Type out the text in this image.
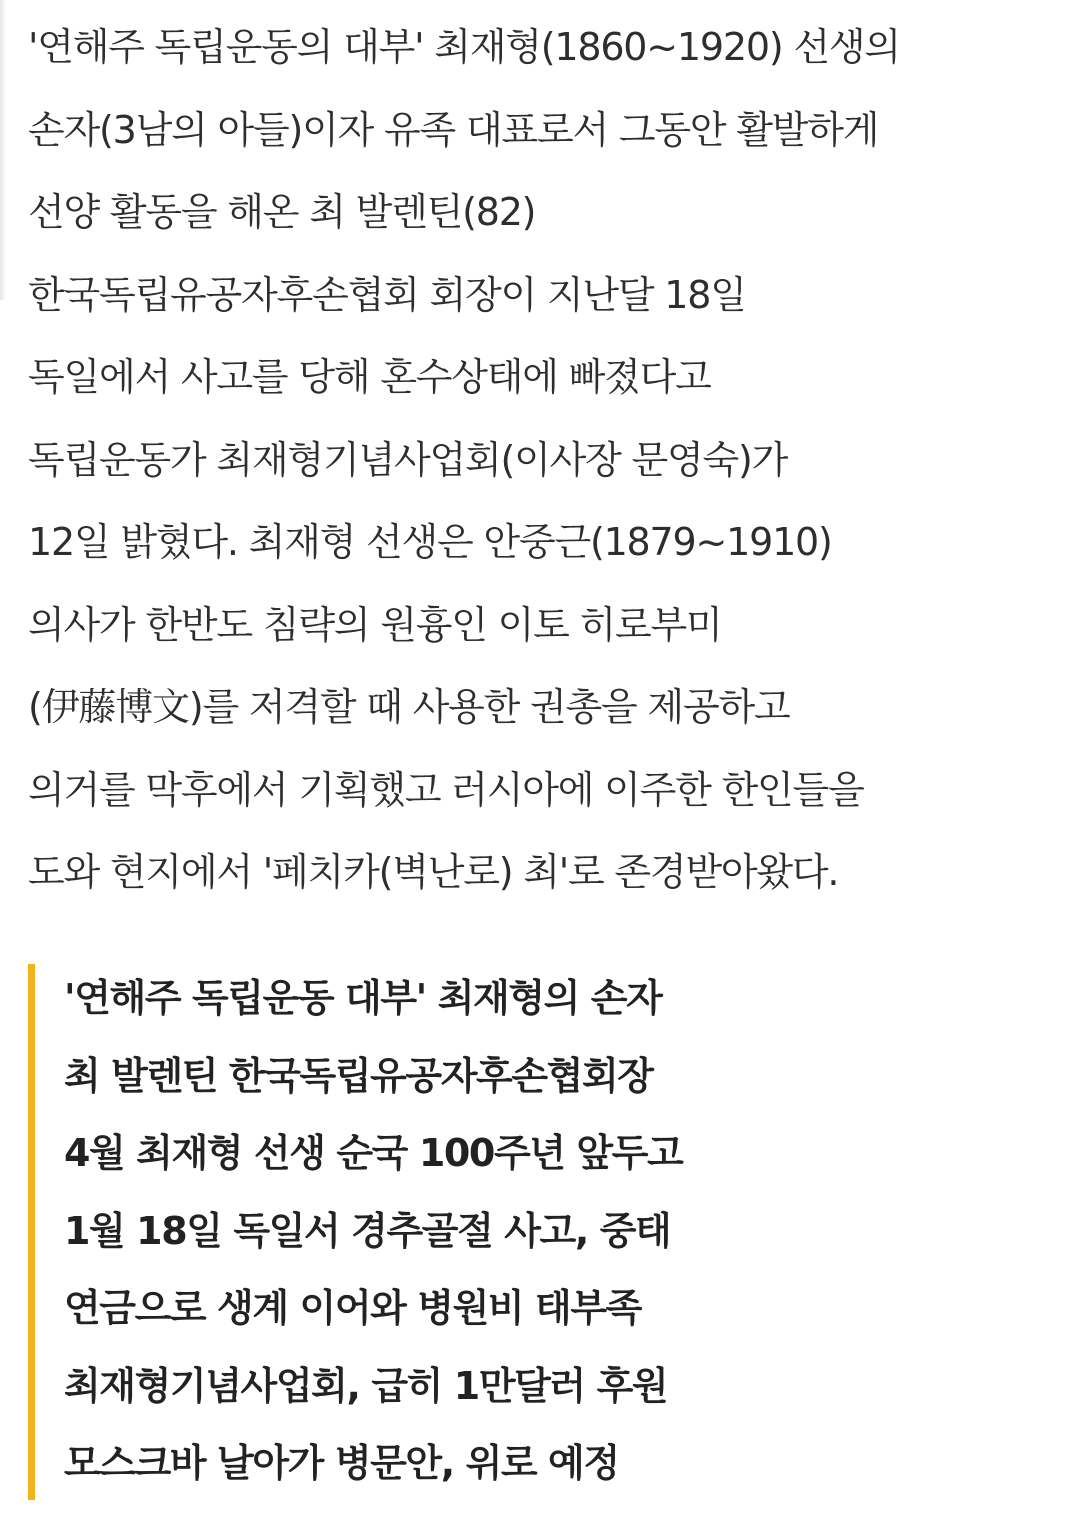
'연해주 독립운동의 대부' 최재형(1860~1920) 선생의
손자(3남의 아들)이자 유족 대표로서 그동안 활발하게
선양 활동을 해온 최 발렌틴(82)
한국독립유공자후손협회 회장이 지난달 18일
독일에서 사고를 당해 혼수상태에 빠졌다고
독립운동가 최재형기념사업회(이사장 문영숙)가
12일 밝혔다. 최재형 선생은 안중근(1879~1910)
의사가 한반도 침략의 원흉인 이토 히로부미
(伊藤博文)를 저격할 때 사용한 권총을 제공하고
의거를 막후에서 기획했고 러시아에 이주한 한인들을
도와 현지에서 '페치카(벽난로) 최'로 존경받아왔다.
'연해주 독립운동 대부' 최재형의 손자
최 발렌틴 한국독립유공자후손협회장
4월 최재형 선생 순국 100주년 앞두고
1월 18일 독일서 경추골절 사고, 중태
연금으로 생계 이어와 병원비 태부족
최재형기념사업회, 급히 1만달러 후원
모스크바 날아가 병문안, 위로 예정
